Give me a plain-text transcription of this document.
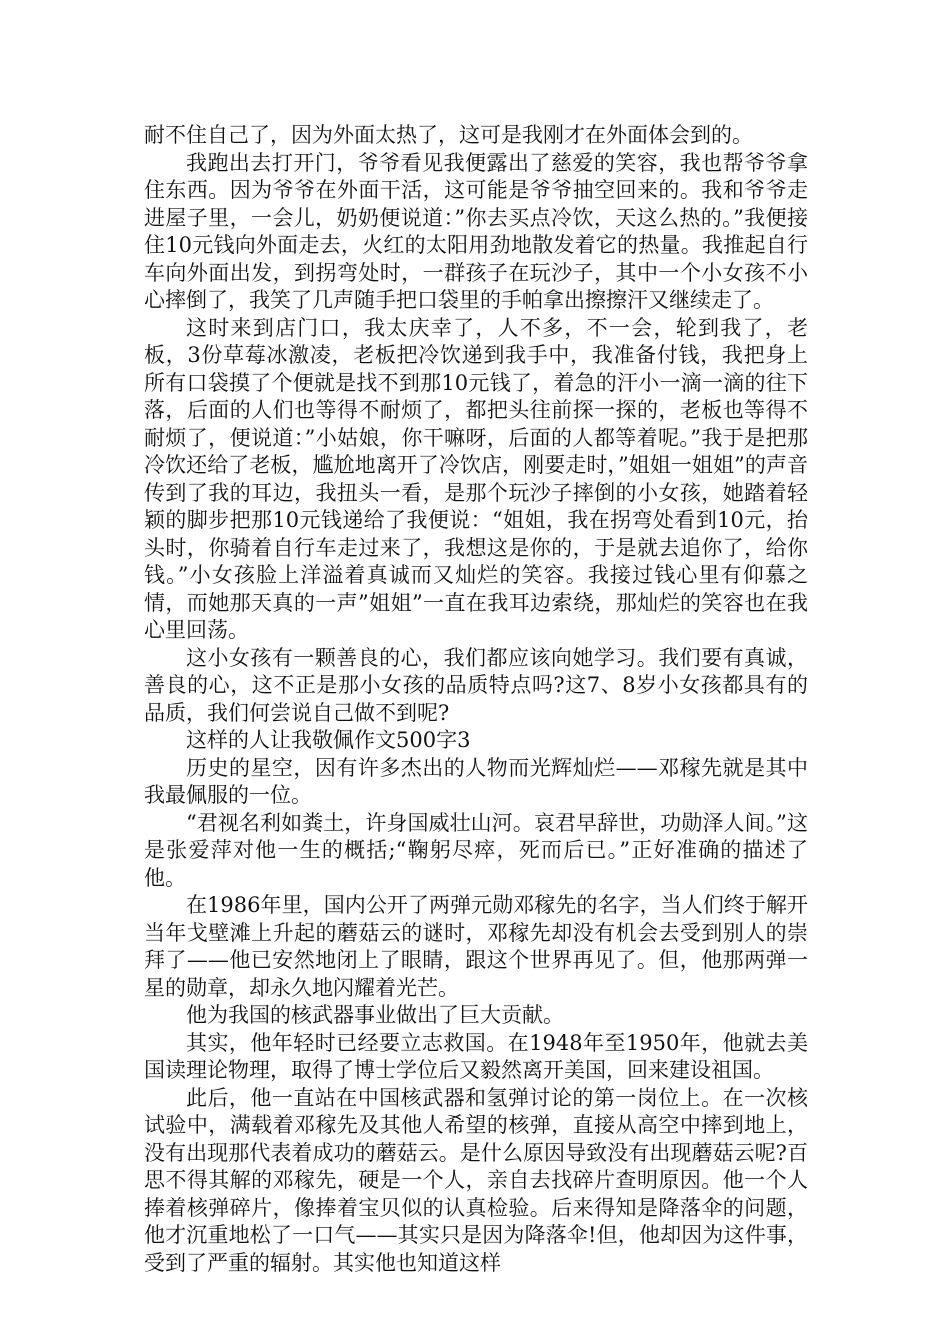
耐不住自己了，因为外面太热了，这可是我刚才在外面体会到的。

我跑出去打开门，爷爷看见我便露出了慈爱的笑容，我也帮爷爷拿住东西。因为爷爷在外面干活，这可能是爷爷抽空回来的。我和爷爷走进屋子里，一会儿，奶奶便说道：”你去买点冷饮，天这么热的。”我便接住10元钱向外面走去，火红的太阳用劲地散发着它的热量。我推起自行车向外面出发，到拐弯处时，一群孩子在玩沙子，其中一个小女孩不小心摔倒了，我笑了几声随手把口袋里的手帕拿出擦擦汗又继续走了。

这时来到店门口，我太庆幸了，人不多，不一会，轮到我了，老板，3份草莓冰激凌，老板把冷饮递到我手中，我准备付钱，我把身上所有口袋摸了个便就是找不到那10元钱了，着急的汗小一滴一滴的往下落，后面的人们也等得不耐烦了，都把头往前探一探的，老板也等得不耐烦了，便说道：”小姑娘，你干嘛呀，后面的人都等着呢。”我于是把那冷饮还给了老板，尴尬地离开了冷饮店，刚要走时，”姐姐一姐姐”的声音传到了我的耳边，我扭头一看，是那个玩沙子摔倒的小女孩，她踏着轻颖的脚步把那10元钱递给了我便说：“姐姐，我在拐弯处看到10元，抬头时，你骑着自行车走过来了，我想这是你的，于是就去追你了，给你钱。”小女孩脸上洋溢着真诚而又灿烂的笑容。我接过钱心里有仰慕之情，而她那天真的一声”姐姐”一直在我耳边索绕，那灿烂的笑容也在我心里回荡。

这小女孩有一颗善良的心，我们都应该向她学习。我们要有真诚，善良的心，这不正是那小女孩的品质特点吗?这7、8岁小女孩都具有的品质，我们何尝说自己做不到呢?

这样的人让我敬佩作文500字3

历史的星空，因有许多杰出的人物而光辉灿烂——邓稼先就是其中我最佩服的一位。

“君视名利如粪土，许身国威壮山河。哀君早辞世，功勋泽人间。”这是张爱萍对他一生的概括;“鞠躬尽瘁，死而后已。”正好准确的描述了他。

在1986年里，国内公开了两弹元勋邓稼先的名字，当人们终于解开当年戈壁滩上升起的蘑菇云的谜时，邓稼先却没有机会去受到别人的崇拜了——他已安然地闭上了眼睛，跟这个世界再见了。但，他那两弹一星的勋章，却永久地闪耀着光芒。

他为我国的核武器事业做出了巨大贡献。

其实，他年轻时已经要立志救国。在1948年至1950年，他就去美国读理论物理，取得了博士学位后又毅然离开美国，回来建设祖国。

此后，他一直站在中国核武器和氢弹讨论的第一岗位上。在一次核试验中，满载着邓稼先及其他人希望的核弹，直接从高空中摔到地上，没有出现那代表着成功的蘑菇云。是什么原因导致没有出现蘑菇云呢?百思不得其解的邓稼先，硬是一个人，亲自去找碎片查明原因。他一个人捧着核弹碎片，像捧着宝贝似的认真检验。后来得知是降落伞的问题，他才沉重地松了一口气——其实只是因为降落伞!但，他却因为这件事，受到了严重的辐射。其实他也知道这样
